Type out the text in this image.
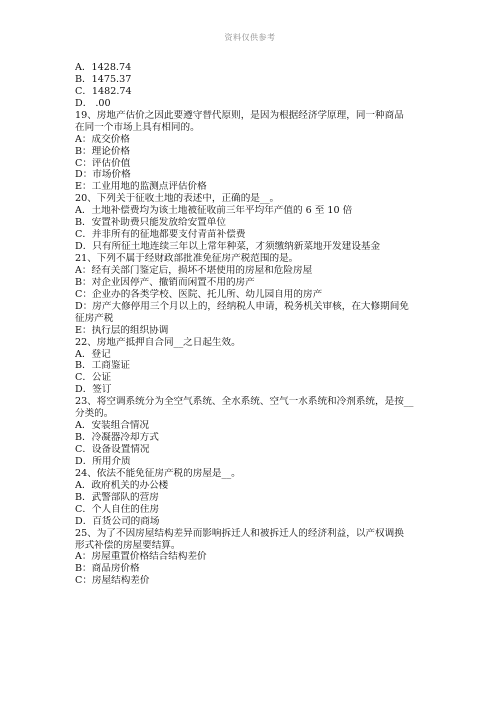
资料仅供参考
A．1428.74
B．1475.37
C．1482.74
D． .00
19、房地产估价之因此要遵守替代原则，是因为根据经济学原理，同一种商品
在同一个市场上具有相同的。
A：成交价格
B：理论价格
C：评估价值
D：市场价格
E：工业用地的监测点评估价格
20、下列关于征收土地的表述中，正确的是__。
A．土地补偿费均为该土地被征收前三年平均年产值的 6 至 10 倍
B．安置补助费只能发放给安置单位
C．并非所有的征地都要支付青苗补偿费
D．只有所征土地连续三年以上常年种菜，才须缴纳新菜地开发建设基金
21、下列不属于经财政部批准免征房产税范围的是。
A：经有关部门鉴定后，损坏不堪使用的房屋和危险房屋
B：对企业因停产、撤销而闲置不用的房产
C：企业办的各类学校、医院、托儿所、幼儿园自用的房产
D：房产大修停用三个月以上的，经纳税人申请，税务机关审核，在大修期间免
征房产税
E：执行层的组织协调
22、房地产抵押自合同__之日起生效。
A．登记
B．工商鉴证
C．公证
D．签订
23、将空调系统分为全空气系统、全水系统、空气一水系统和冷剂系统，是按__
分类的。
A．安装组合情况
B．冷凝器冷却方式
C．设备设置情况
D．所用介质
24、依法不能免征房产税的房屋是__。
A．政府机关的办公楼
B．武警部队的营房
C．个人自住的住房
D．百货公司的商场
25、为了不因房屋结构差异而影响拆迁人和被拆迁人的经济利益，以产权调换
形式补偿的房屋要结算。
A：房屋重置价格结合结构差价
B：商品房价格
C：房屋结构差价
